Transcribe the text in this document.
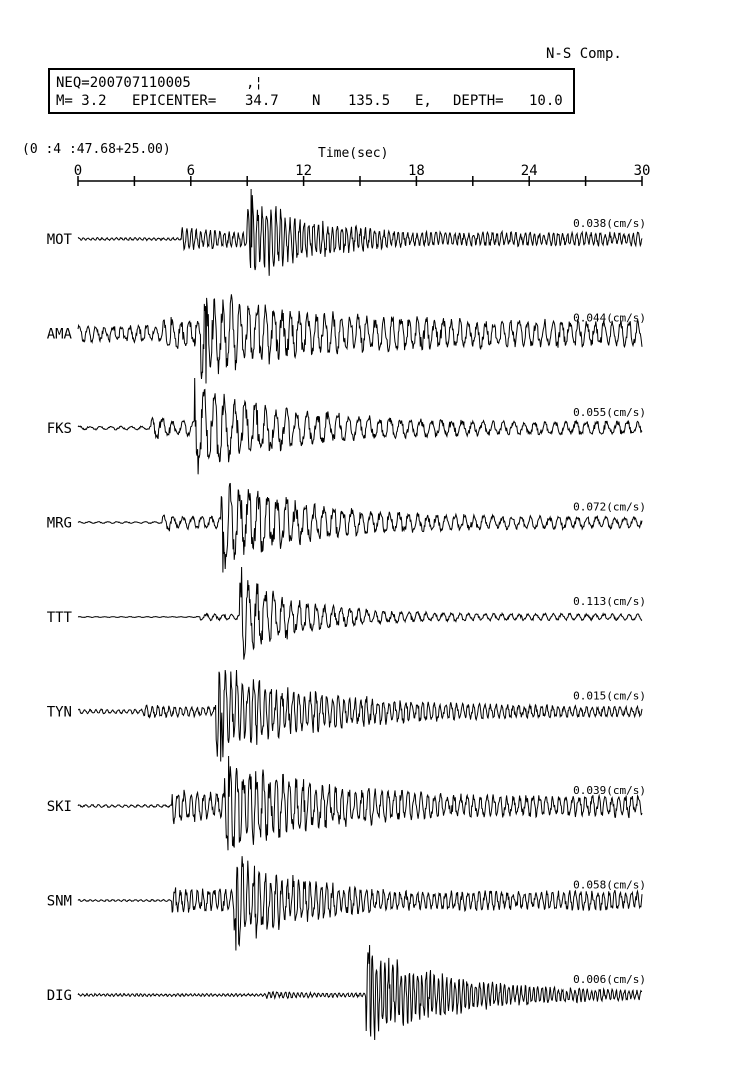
N-S Comp.
NEQ=200707110005	,¦
M= 3.2 EPICENTER= 34.7 N 135.5 E, DEPTH= 10.0
(0 :4 :47.68+25.00)	Time(sec)
0	6	12	18	24	30
MOT
0.038(cm/s)
AMA
0.044(cm/s)
FKS
0.055(cm/s)
MRG
0.072(cm/s)
TTT
0.113(cm/s)
TYN
0.015(cm/s)
SKI
0.039(cm/s)
SNM
0.058(cm/s)
DIG
0.006(cm/s)
